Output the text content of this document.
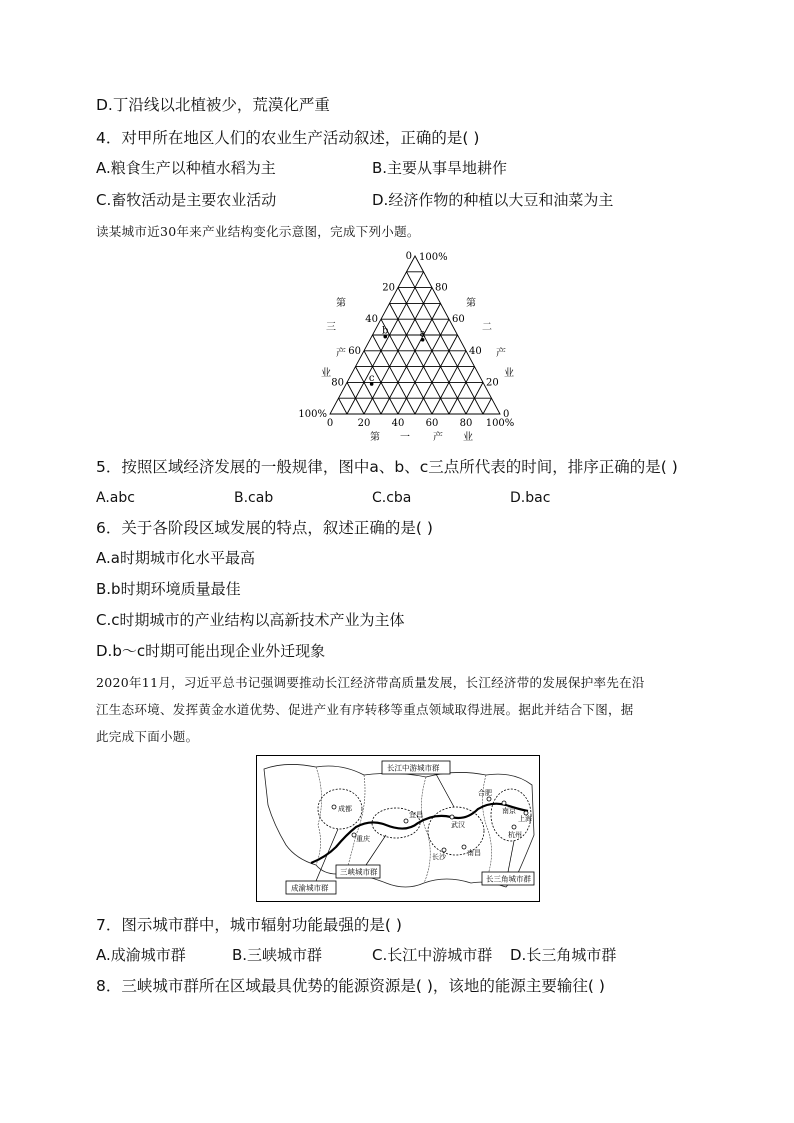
D.丁沿线以北植被少，荒漠化严重
4．对甲所在地区人们的农业生产活动叙述，正确的是( )
A.粮食生产以种植水稻为主	B.主要从事旱地耕作
C.畜牧活动是主要农业活动	D.经济作物的种植以大豆和油菜为主
读某城市近30年来产业结构变化示意图，完成下列小题。
0 100%
20
40
60
80
100%
80
60
40
20
0
0 20 40 60 80 100%
第
三
产
业
第
二
产
业
第 一 产 业
a
b
c
5．按照区域经济发展的一般规律，图中a、b、c三点所代表的时间，排序正确的是( )
A.abc	B.cab	C.cba	D.bac
6．关于各阶段区域发展的特点，叙述正确的是( )
A.a时期城市化水平最高
B.b时期环境质量最佳
C.c时期城市的产业结构以高新技术产业为主体
D.b～c时期可能出现企业外迁现象
2020年11月，习近平总书记强调要推动长江经济带高质量发展，长江经济带的发展保护率先在沿
江生态环境、发挥黄金水道优势、促进产业有序转移等重点领域取得进展。据此并结合下图，据
此完成下面小题。
成都
重庆
宜昌
武汉
长沙	南昌
合肥
南京
上海
杭州
长江中游城市群
成渝城市群
三峡城市群
长三角城市群
7．图示城市群中，城市辐射功能最强的是( )
A.成渝城市群	B.三峡城市群	C.长江中游城市群 D.长三角城市群
8．三峡城市群所在区域最具优势的能源资源是( )，该地的能源主要输往( )
